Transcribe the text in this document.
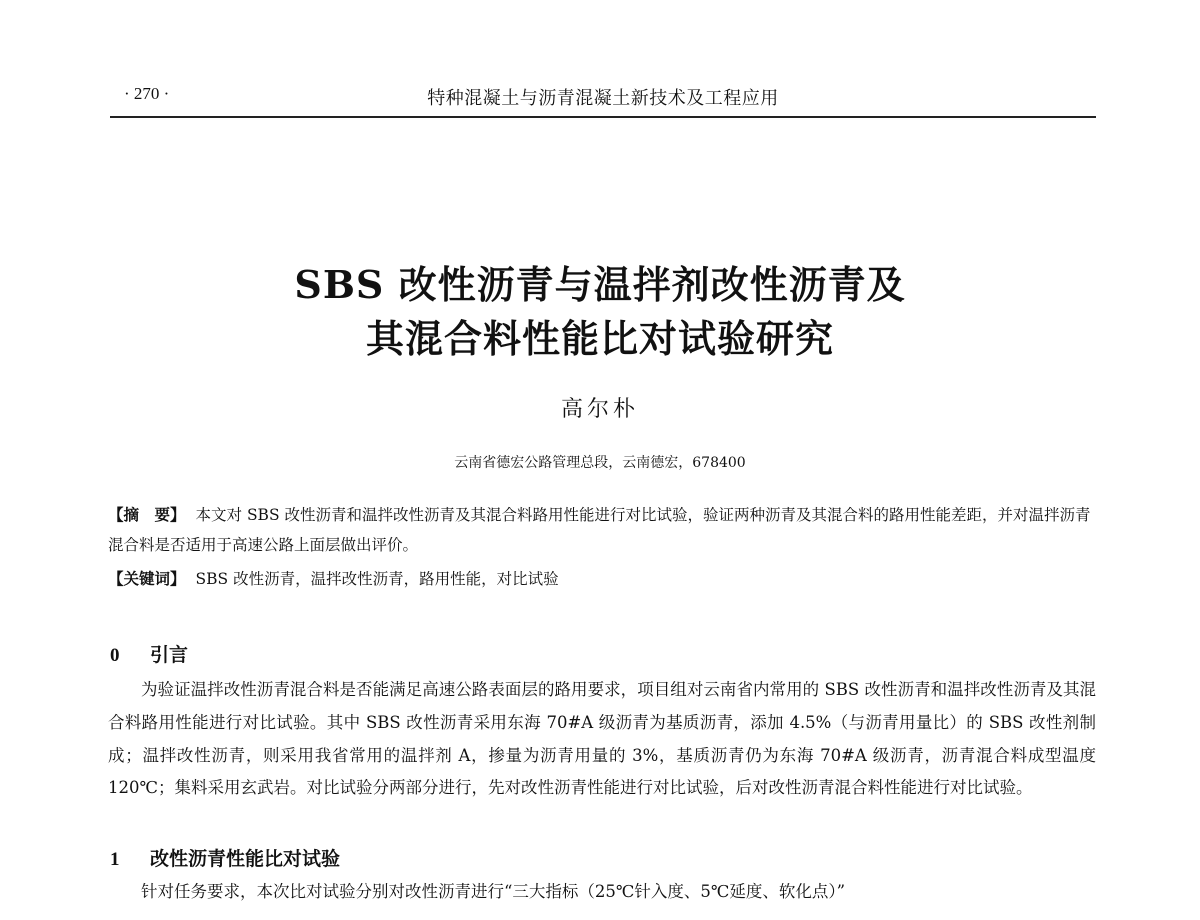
· 270 ·	特种混凝土与沥青混凝土新技术及工程应用
SBS 改性沥青与温拌剂改性沥青及
其混合料性能比对试验研究
高尔朴
云南省德宏公路管理总段，云南德宏，678400
【摘　要】 本文对 SBS 改性沥青和温拌改性沥青及其混合料路用性能进行对比试验，验证两种沥青及其混合料的路用性能差距，并对温拌沥青混合料是否适用于高速公路上面层做出评价。
【关键词】 SBS 改性沥青，温拌改性沥青，路用性能，对比试验
0 引言
为验证温拌改性沥青混合料是否能满足高速公路表面层的路用要求，项目组对云南省内常用的 SBS 改性沥青和温拌改性沥青及其混合料路用性能进行对比试验。其中 SBS 改性沥青采用东海 70#A 级沥青为基质沥青，添加 4.5%（与沥青用量比）的 SBS 改性剂制成；温拌改性沥青，则采用我省常用的温拌剂 A，掺量为沥青用量的 3%，基质沥青仍为东海 70#A 级沥青，沥青混合料成型温度 120℃；集料采用玄武岩。对比试验分两部分进行，先对改性沥青性能进行对比试验，后对改性沥青混合料性能进行对比试验。
1 改性沥青性能比对试验
针对任务要求，本次比对试验分别对改性沥青进行“三大指标（25℃针入度、5℃延度、软化点）”
